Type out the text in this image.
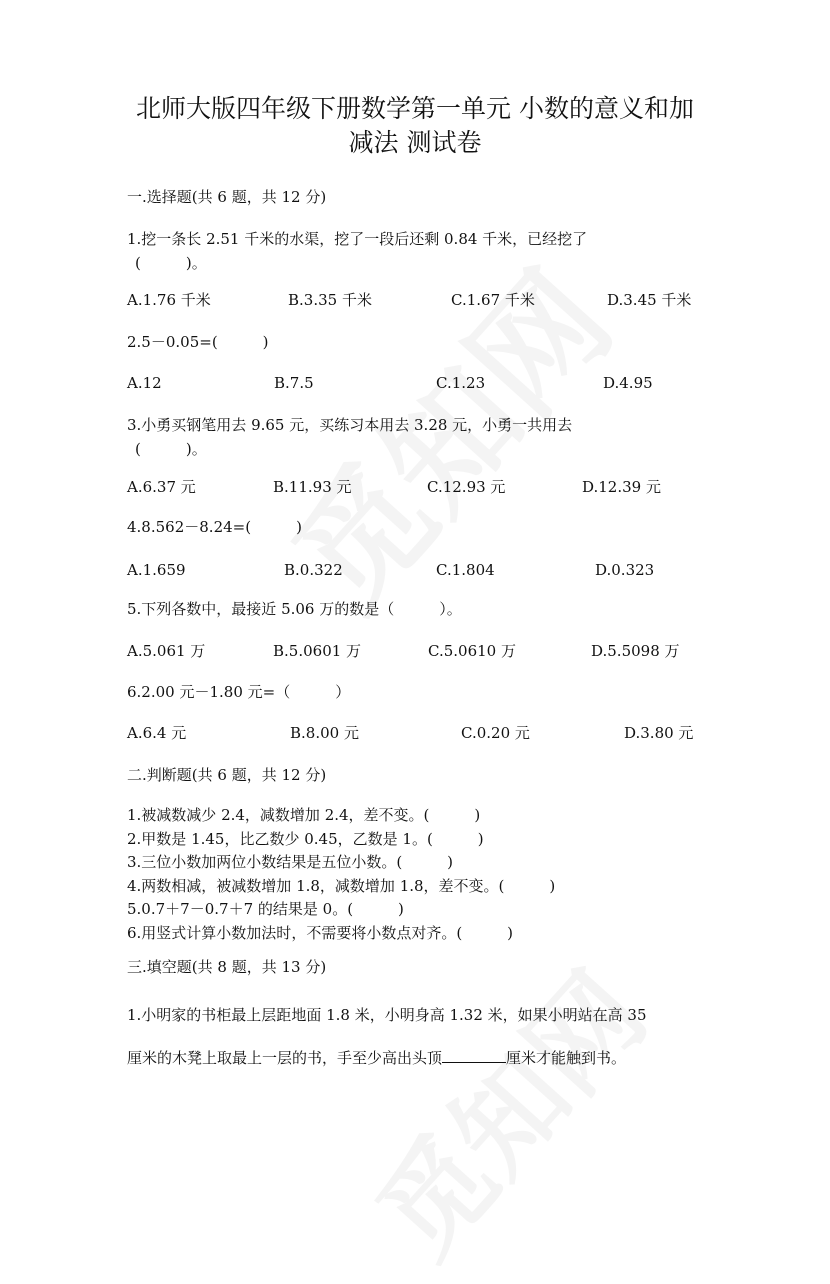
北师大版四年级下册数学第一单元 小数的意义和加
减法 测试卷
一.选择题(共 6 题，共 12 分)
1.挖一条长 2.51 千米的水渠，挖了一段后还剩 0.84 千米，已经挖了
(　　　)。
A.1.76 千米	B.3.35 千米	C.1.67 千米	D.3.45 千米
2.5－0.05=(　　　)
A.12	B.7.5	C.1.23	D.4.95
3.小勇买钢笔用去 9.65 元，买练习本用去 3.28 元，小勇一共用去
(　　　)。
A.6.37 元	B.11.93 元	C.12.93 元	D.12.39 元
4.8.562－8.24=(　　　)
A.1.659	B.0.322	C.1.804	D.0.323
5.下列各数中，最接近 5.06 万的数是（　　　）。
A.5.061 万	B.5.0601 万	C.5.0610 万	D.5.5098 万
6.2.00 元－1.80 元=（　　　）
A.6.4 元	B.8.00 元	C.0.20 元	D.3.80 元
二.判断题(共 6 题，共 12 分)
1.被减数减少 2.4，减数增加 2.4，差不变。(　　　)
2.甲数是 1.45，比乙数少 0.45，乙数是 1。(　　　)
3.三位小数加两位小数结果是五位小数。(　　　)
4.两数相减，被减数增加 1.8，减数增加 1.8，差不变。(　　　)
5.0.7＋7－0.7＋7 的结果是 0。(　　　)
6.用竖式计算小数加法时，不需要将小数点对齐。(　　　)
三.填空题(共 8 题，共 13 分)
1.小明家的书柜最上层距地面 1.8 米，小明身高 1.32 米，如果小明站在高 35
厘米的木凳上取最上一层的书，手至少高出头顶	厘米才能触到书。
